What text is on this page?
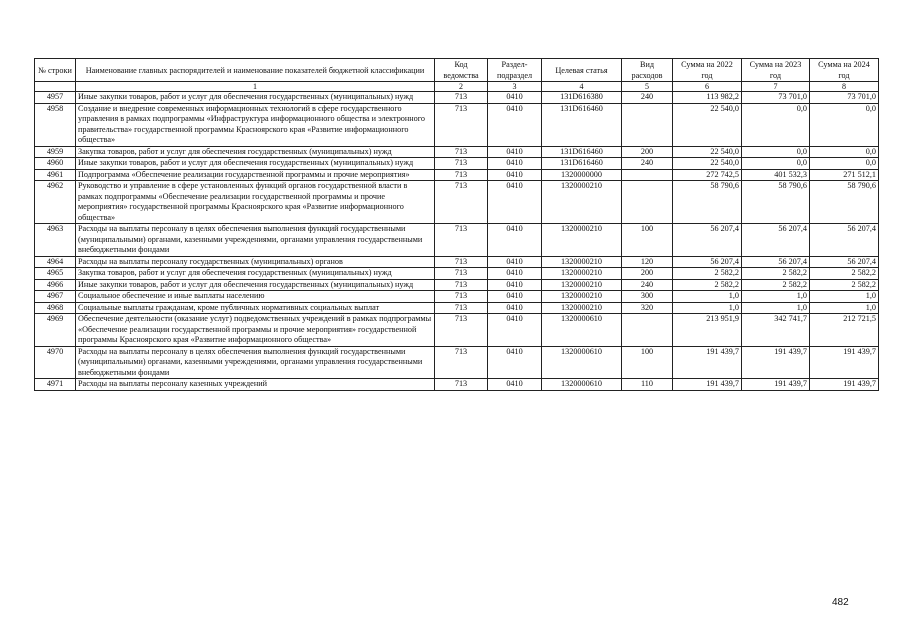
№ строки	Наименование главных распорядителей и наименование показателей бюджетной классификации	Код ведомства	Раздел-подраздел	Целевая статья	Вид расходов	Сумма на 2022 год	Сумма на 2023 год	Сумма на 2024 год
	1	2	3	4	5	6	7	8
4957	Иные закупки товаров, работ и услуг для обеспечения государственных (муниципальных) нужд	713	0410	131D616380	240	113 982,2	73 701,0	73 701,0
4958	Создание и внедрение современных информационных технологий в сфере государственного управления в рамках подпрограммы «Инфраструктура информационного общества и электронного правительства» государственной программы Красноярского края «Развитие информационного общества»	713	0410	131D616460		22 540,0	0,0	0,0
4959	Закупка товаров, работ и услуг для обеспечения государственных (муниципальных) нужд	713	0410	131D616460	200	22 540,0	0,0	0,0
4960	Иные закупки товаров, работ и услуг для обеспечения государственных (муниципальных) нужд	713	0410	131D616460	240	22 540,0	0,0	0,0
4961	Подпрограмма «Обеспечение реализации государственной программы и прочие мероприятия»	713	0410	1320000000		272 742,5	401 532,3	271 512,1
4962	Руководство и управление в сфере установленных функций органов государственной власти в рамках подпрограммы «Обеспечение реализации государственной программы и прочие мероприятия» государственной программы Красноярского края «Развитие информационного общества»	713	0410	1320000210		58 790,6	58 790,6	58 790,6
4963	Расходы на выплаты персоналу в целях обеспечения выполнения функций государственными (муниципальными) органами, казенными учреждениями, органами управления государственными внебюджетными фондами	713	0410	1320000210	100	56 207,4	56 207,4	56 207,4
4964	Расходы на выплаты персоналу государственных (муниципальных) органов	713	0410	1320000210	120	56 207,4	56 207,4	56 207,4
4965	Закупка товаров, работ и услуг для обеспечения государственных (муниципальных) нужд	713	0410	1320000210	200	2 582,2	2 582,2	2 582,2
4966	Иные закупки товаров, работ и услуг для обеспечения государственных (муниципальных) нужд	713	0410	1320000210	240	2 582,2	2 582,2	2 582,2
4967	Социальное обеспечение и иные выплаты населению	713	0410	1320000210	300	1,0	1,0	1,0
4968	Социальные выплаты гражданам, кроме публичных нормативных социальных выплат	713	0410	1320000210	320	1,0	1,0	1,0
4969	Обеспечение деятельности (оказание услуг) подведомственных учреждений в рамках подпрограммы «Обеспечение реализации государственной программы и прочие мероприятия» государственной программы Красноярского края «Развитие информационного общества»	713	0410	1320000610		213 951,9	342 741,7	212 721,5
4970	Расходы на выплаты персоналу в целях обеспечения выполнения функций государственными (муниципальными) органами, казенными учреждениями, органами управления государственными внебюджетными фондами	713	0410	1320000610	100	191 439,7	191 439,7	191 439,7
4971	Расходы на выплаты персоналу казенных учреждений	713	0410	1320000610	110	191 439,7	191 439,7	191 439,7
482
